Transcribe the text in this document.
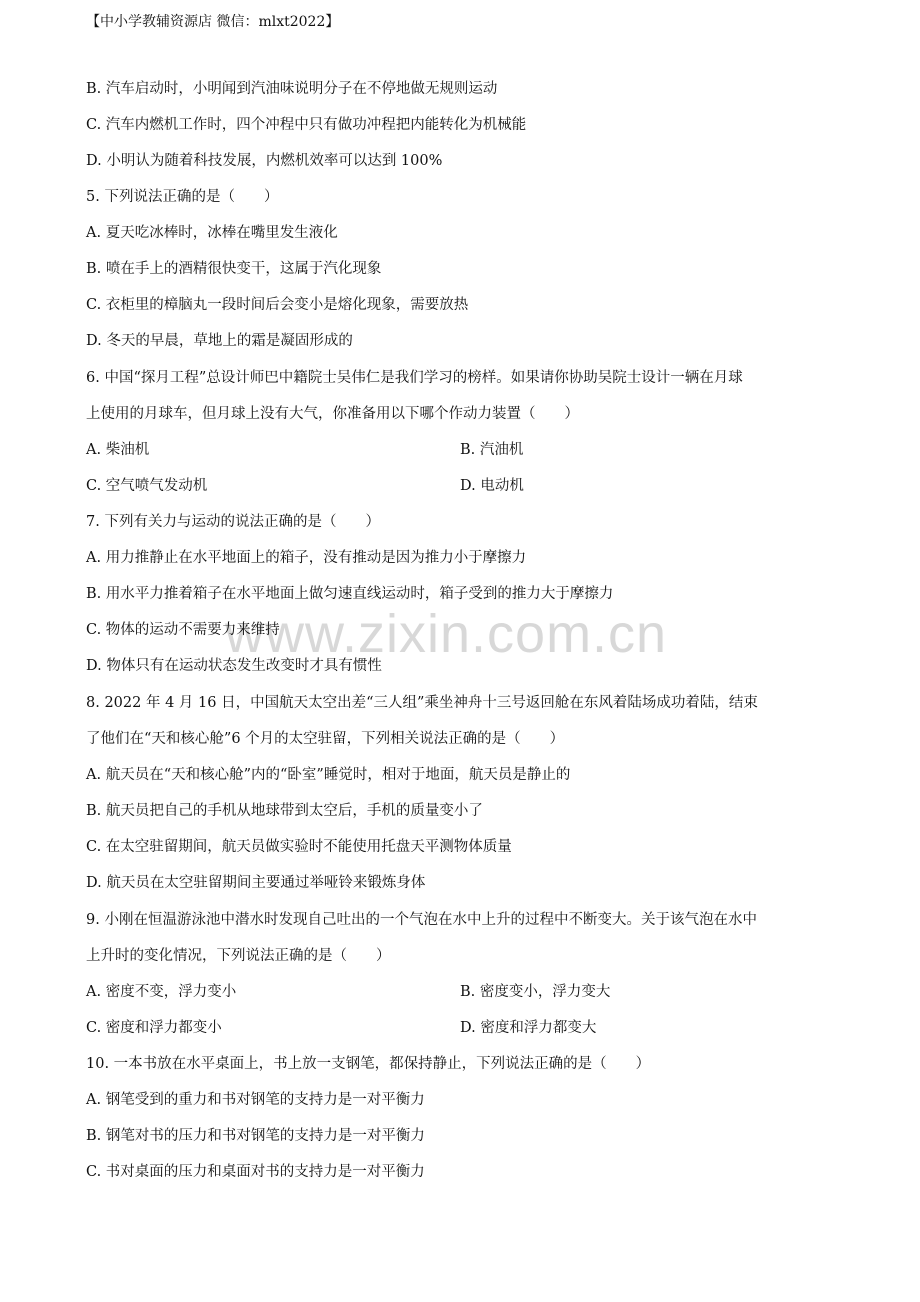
【中小学教辅资源店 微信：mlxt2022】
www.zixin.com.cn
B. 汽车启动时，小明闻到汽油味说明分子在不停地做无规则运动
C. 汽车内燃机工作时，四个冲程中只有做功冲程把内能转化为机械能
D. 小明认为随着科技发展，内燃机效率可以达到 100%
5. 下列说法正确的是（　　）
A. 夏天吃冰棒时，冰棒在嘴里发生液化
B. 喷在手上的酒精很快变干，这属于汽化现象
C. 衣柜里的樟脑丸一段时间后会变小是熔化现象，需要放热
D. 冬天的早晨，草地上的霜是凝固形成的
6. 中国“探月工程”总设计师巴中籍院士吴伟仁是我们学习的榜样。如果请你协助吴院士设计一辆在月球
上使用的月球车，但月球上没有大气，你准备用以下哪个作动力装置（　　）
A. 柴油机	B. 汽油机
C. 空气喷气发动机	D. 电动机
7. 下列有关力与运动的说法正确的是（　　）
A. 用力推静止在水平地面上的箱子，没有推动是因为推力小于摩擦力
B. 用水平力推着箱子在水平地面上做匀速直线运动时，箱子受到的推力大于摩擦力
C. 物体的运动不需要力来维持
D. 物体只有在运动状态发生改变时才具有惯性
8. 2022 年 4 月 16 日，中国航天太空出差“三人组”乘坐神舟十三号返回舱在东风着陆场成功着陆，结束
了他们在“天和核心舱”6 个月的太空驻留，下列相关说法正确的是（　　）
A. 航天员在“天和核心舱”内的“卧室”睡觉时，相对于地面，航天员是静止的
B. 航天员把自己的手机从地球带到太空后，手机的质量变小了
C. 在太空驻留期间，航天员做实验时不能使用托盘天平测物体质量
D. 航天员在太空驻留期间主要通过举哑铃来锻炼身体
9. 小刚在恒温游泳池中潜水时发现自己吐出的一个气泡在水中上升的过程中不断变大。关于该气泡在水中
上升时的变化情况，下列说法正确的是（　　）
A. 密度不变，浮力变小	B. 密度变小，浮力变大
C. 密度和浮力都变小	D. 密度和浮力都变大
10. 一本书放在水平桌面上，书上放一支钢笔，都保持静止，下列说法正确的是（　　）
A. 钢笔受到的重力和书对钢笔的支持力是一对平衡力
B. 钢笔对书的压力和书对钢笔的支持力是一对平衡力
C. 书对桌面的压力和桌面对书的支持力是一对平衡力
